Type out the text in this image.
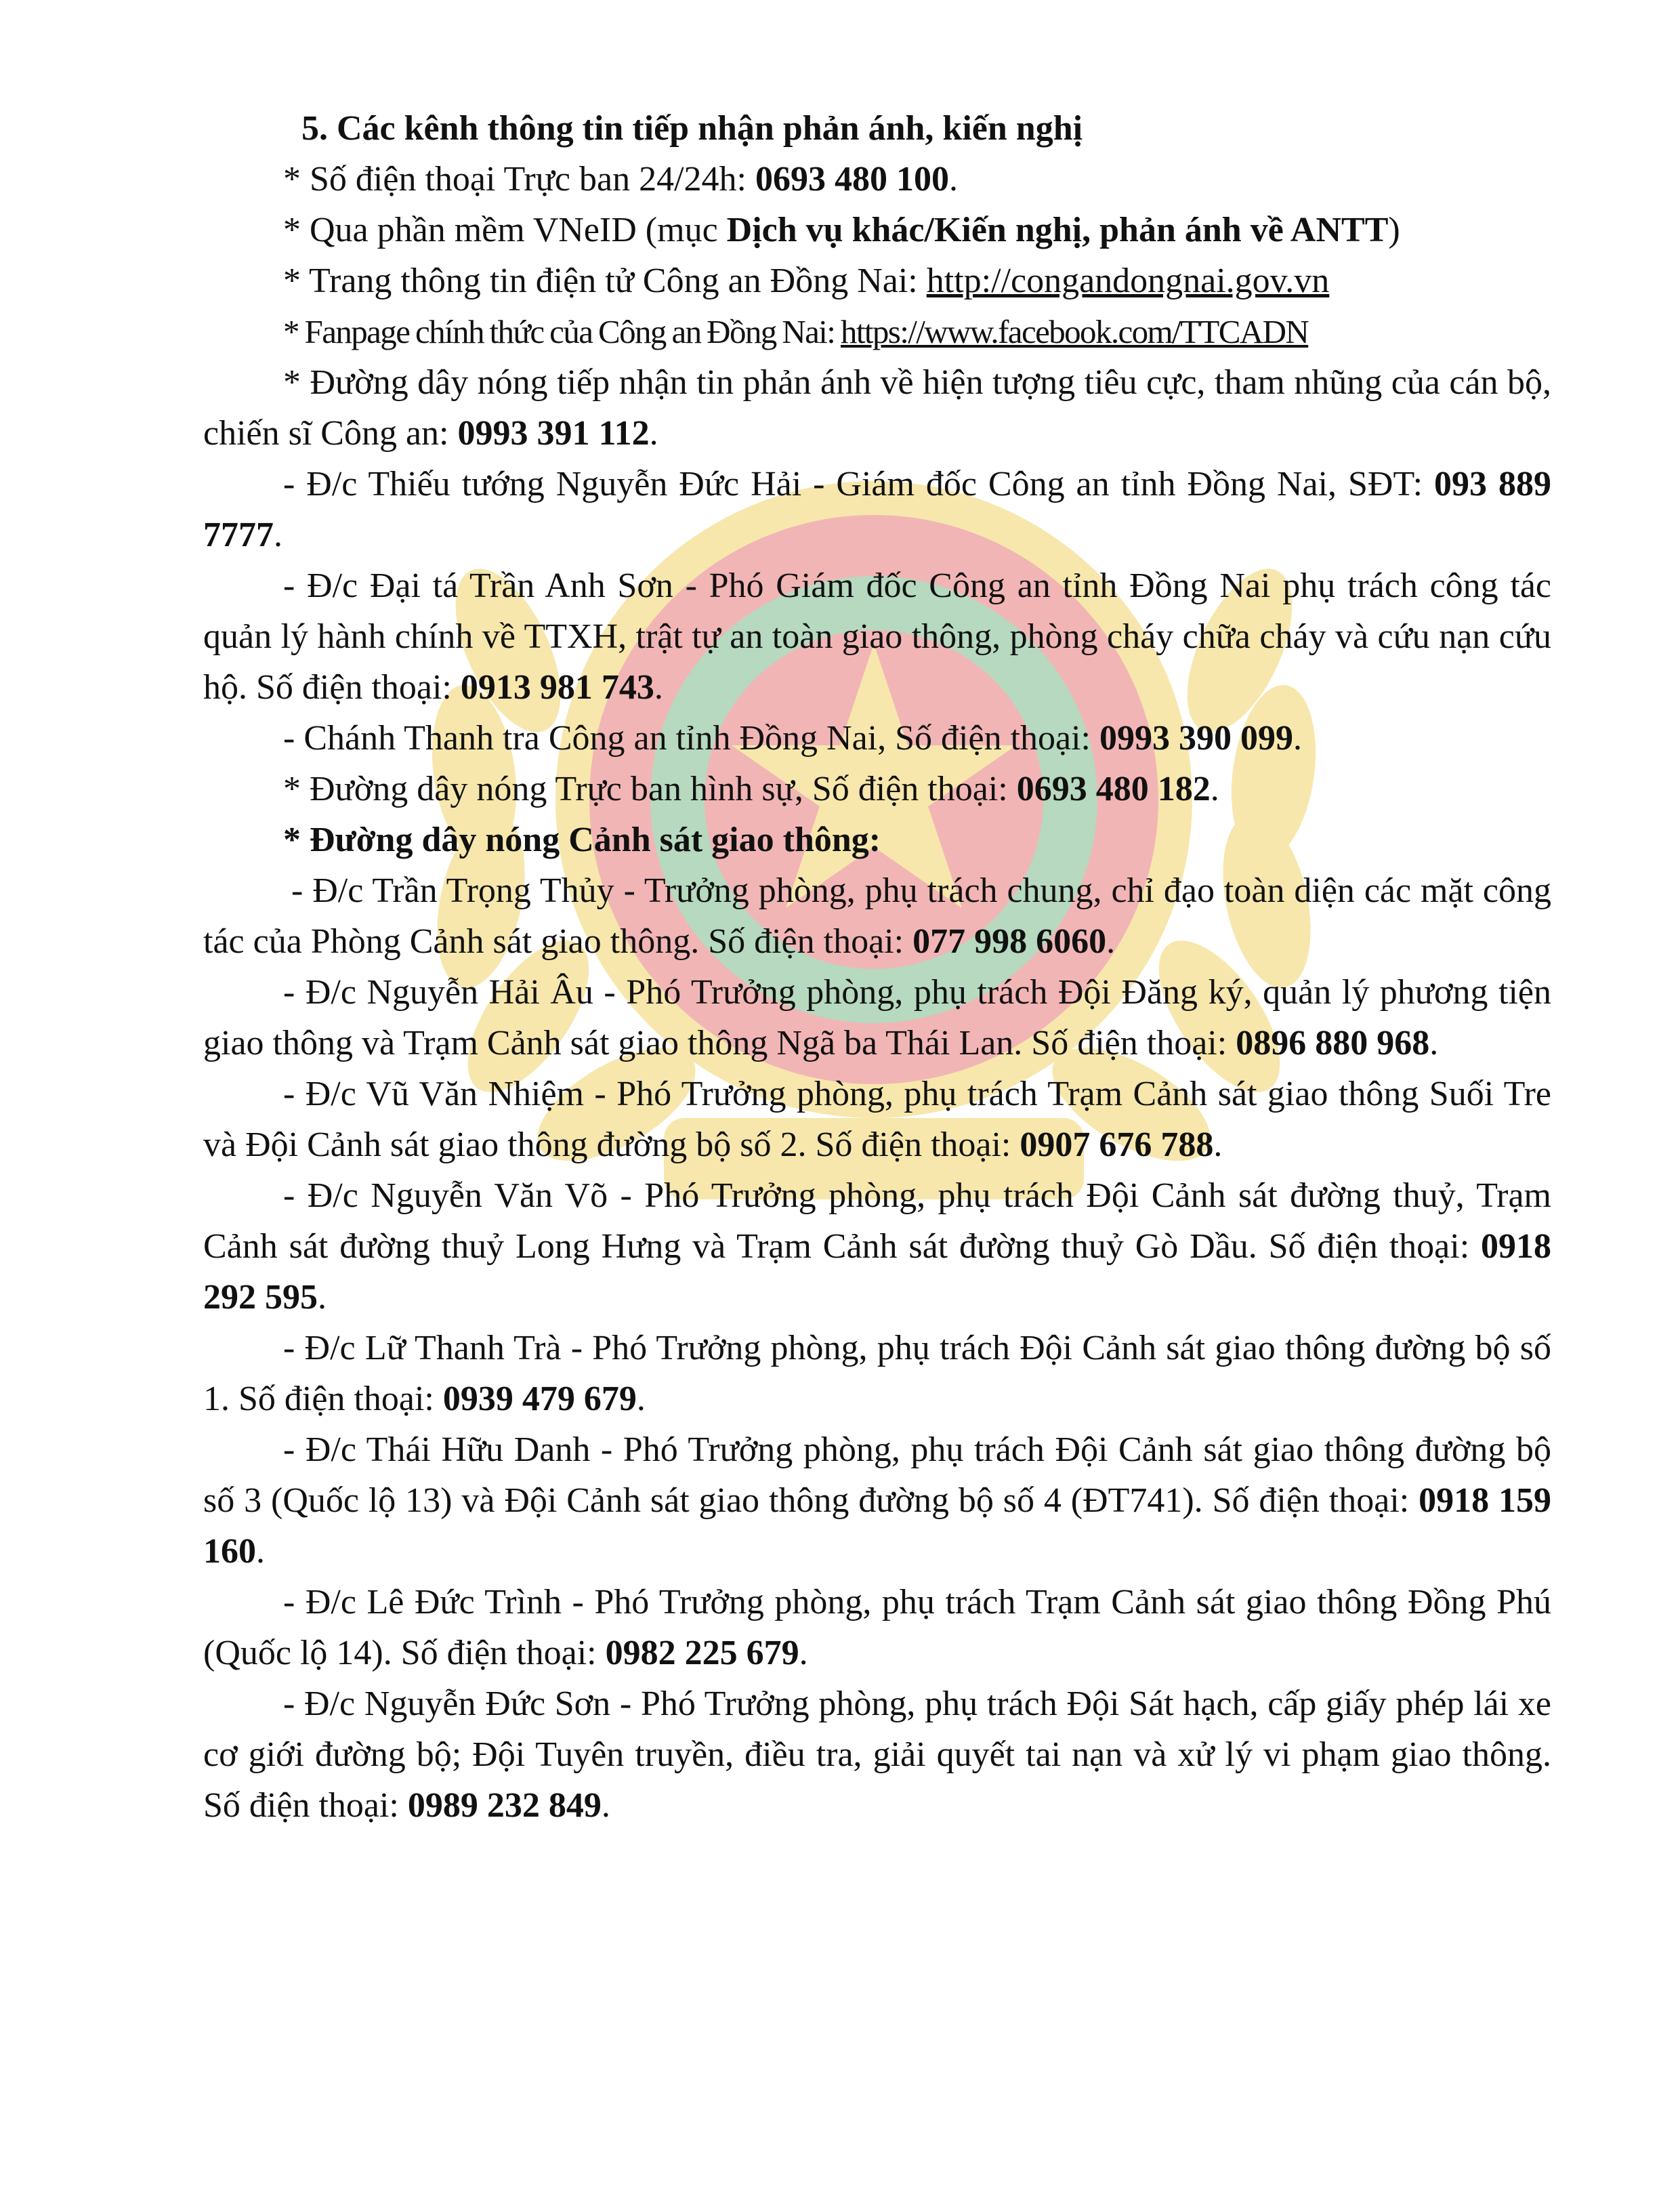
5. Các kênh thông tin tiếp nhận phản ánh, kiến nghị

* Số điện thoại Trực ban 24/24h: 0693 480 100.

* Qua phần mềm VNeID (mục Dịch vụ khác/Kiến nghị, phản ánh về ANTT)

* Trang thông tin điện tử Công an Đồng Nai: http://congandongnai.gov.vn

* Fanpage chính thức của Công an Đồng Nai: https://www.facebook.com/TTCADN

* Đường dây nóng tiếp nhận tin phản ánh về hiện tượng tiêu cực, tham nhũng của cán bộ, chiến sĩ Công an: 0993 391 112.

- Đ/c Thiếu tướng Nguyễn Đức Hải - Giám đốc Công an tỉnh Đồng Nai, SĐT: 093 889 7777.

- Đ/c Đại tá Trần Anh Sơn - Phó Giám đốc Công an tỉnh Đồng Nai phụ trách công tác quản lý hành chính về TTXH, trật tự an toàn giao thông, phòng cháy chữa cháy và cứu nạn cứu hộ. Số điện thoại: 0913 981 743.

- Chánh Thanh tra Công an tỉnh Đồng Nai, Số điện thoại: 0993 390 099.

* Đường dây nóng Trực ban hình sự, Số điện thoại: 0693 480 182.

* Đường dây nóng Cảnh sát giao thông:

- Đ/c Trần Trọng Thủy - Trưởng phòng, phụ trách chung, chỉ đạo toàn diện các mặt công tác của Phòng Cảnh sát giao thông. Số điện thoại: 077 998 6060.

- Đ/c Nguyễn Hải Âu - Phó Trưởng phòng, phụ trách Đội Đăng ký, quản lý phương tiện giao thông và Trạm Cảnh sát giao thông Ngã ba Thái Lan. Số điện thoại: 0896 880 968.

- Đ/c Vũ Văn Nhiệm - Phó Trưởng phòng, phụ trách Trạm Cảnh sát giao thông Suối Tre và Đội Cảnh sát giao thông đường bộ số 2. Số điện thoại: 0907 676 788.

- Đ/c Nguyễn Văn Võ - Phó Trưởng phòng, phụ trách Đội Cảnh sát đường thuỷ, Trạm Cảnh sát đường thuỷ Long Hưng và Trạm Cảnh sát đường thuỷ Gò Dầu. Số điện thoại: 0918 292 595.

- Đ/c Lữ Thanh Trà - Phó Trưởng phòng, phụ trách Đội Cảnh sát giao thông đường bộ số 1. Số điện thoại: 0939 479 679.

- Đ/c Thái Hữu Danh - Phó Trưởng phòng, phụ trách Đội Cảnh sát giao thông đường bộ số 3 (Quốc lộ 13) và Đội Cảnh sát giao thông đường bộ số 4 (ĐT741). Số điện thoại: 0918 159 160.

- Đ/c Lê Đức Trình - Phó Trưởng phòng, phụ trách Trạm Cảnh sát giao thông Đồng Phú (Quốc lộ 14). Số điện thoại: 0982 225 679.

- Đ/c Nguyễn Đức Sơn - Phó Trưởng phòng, phụ trách Đội Sát hạch, cấp giấy phép lái xe cơ giới đường bộ; Đội Tuyên truyền, điều tra, giải quyết tai nạn và xử lý vi phạm giao thông. Số điện thoại: 0989 232 849.
